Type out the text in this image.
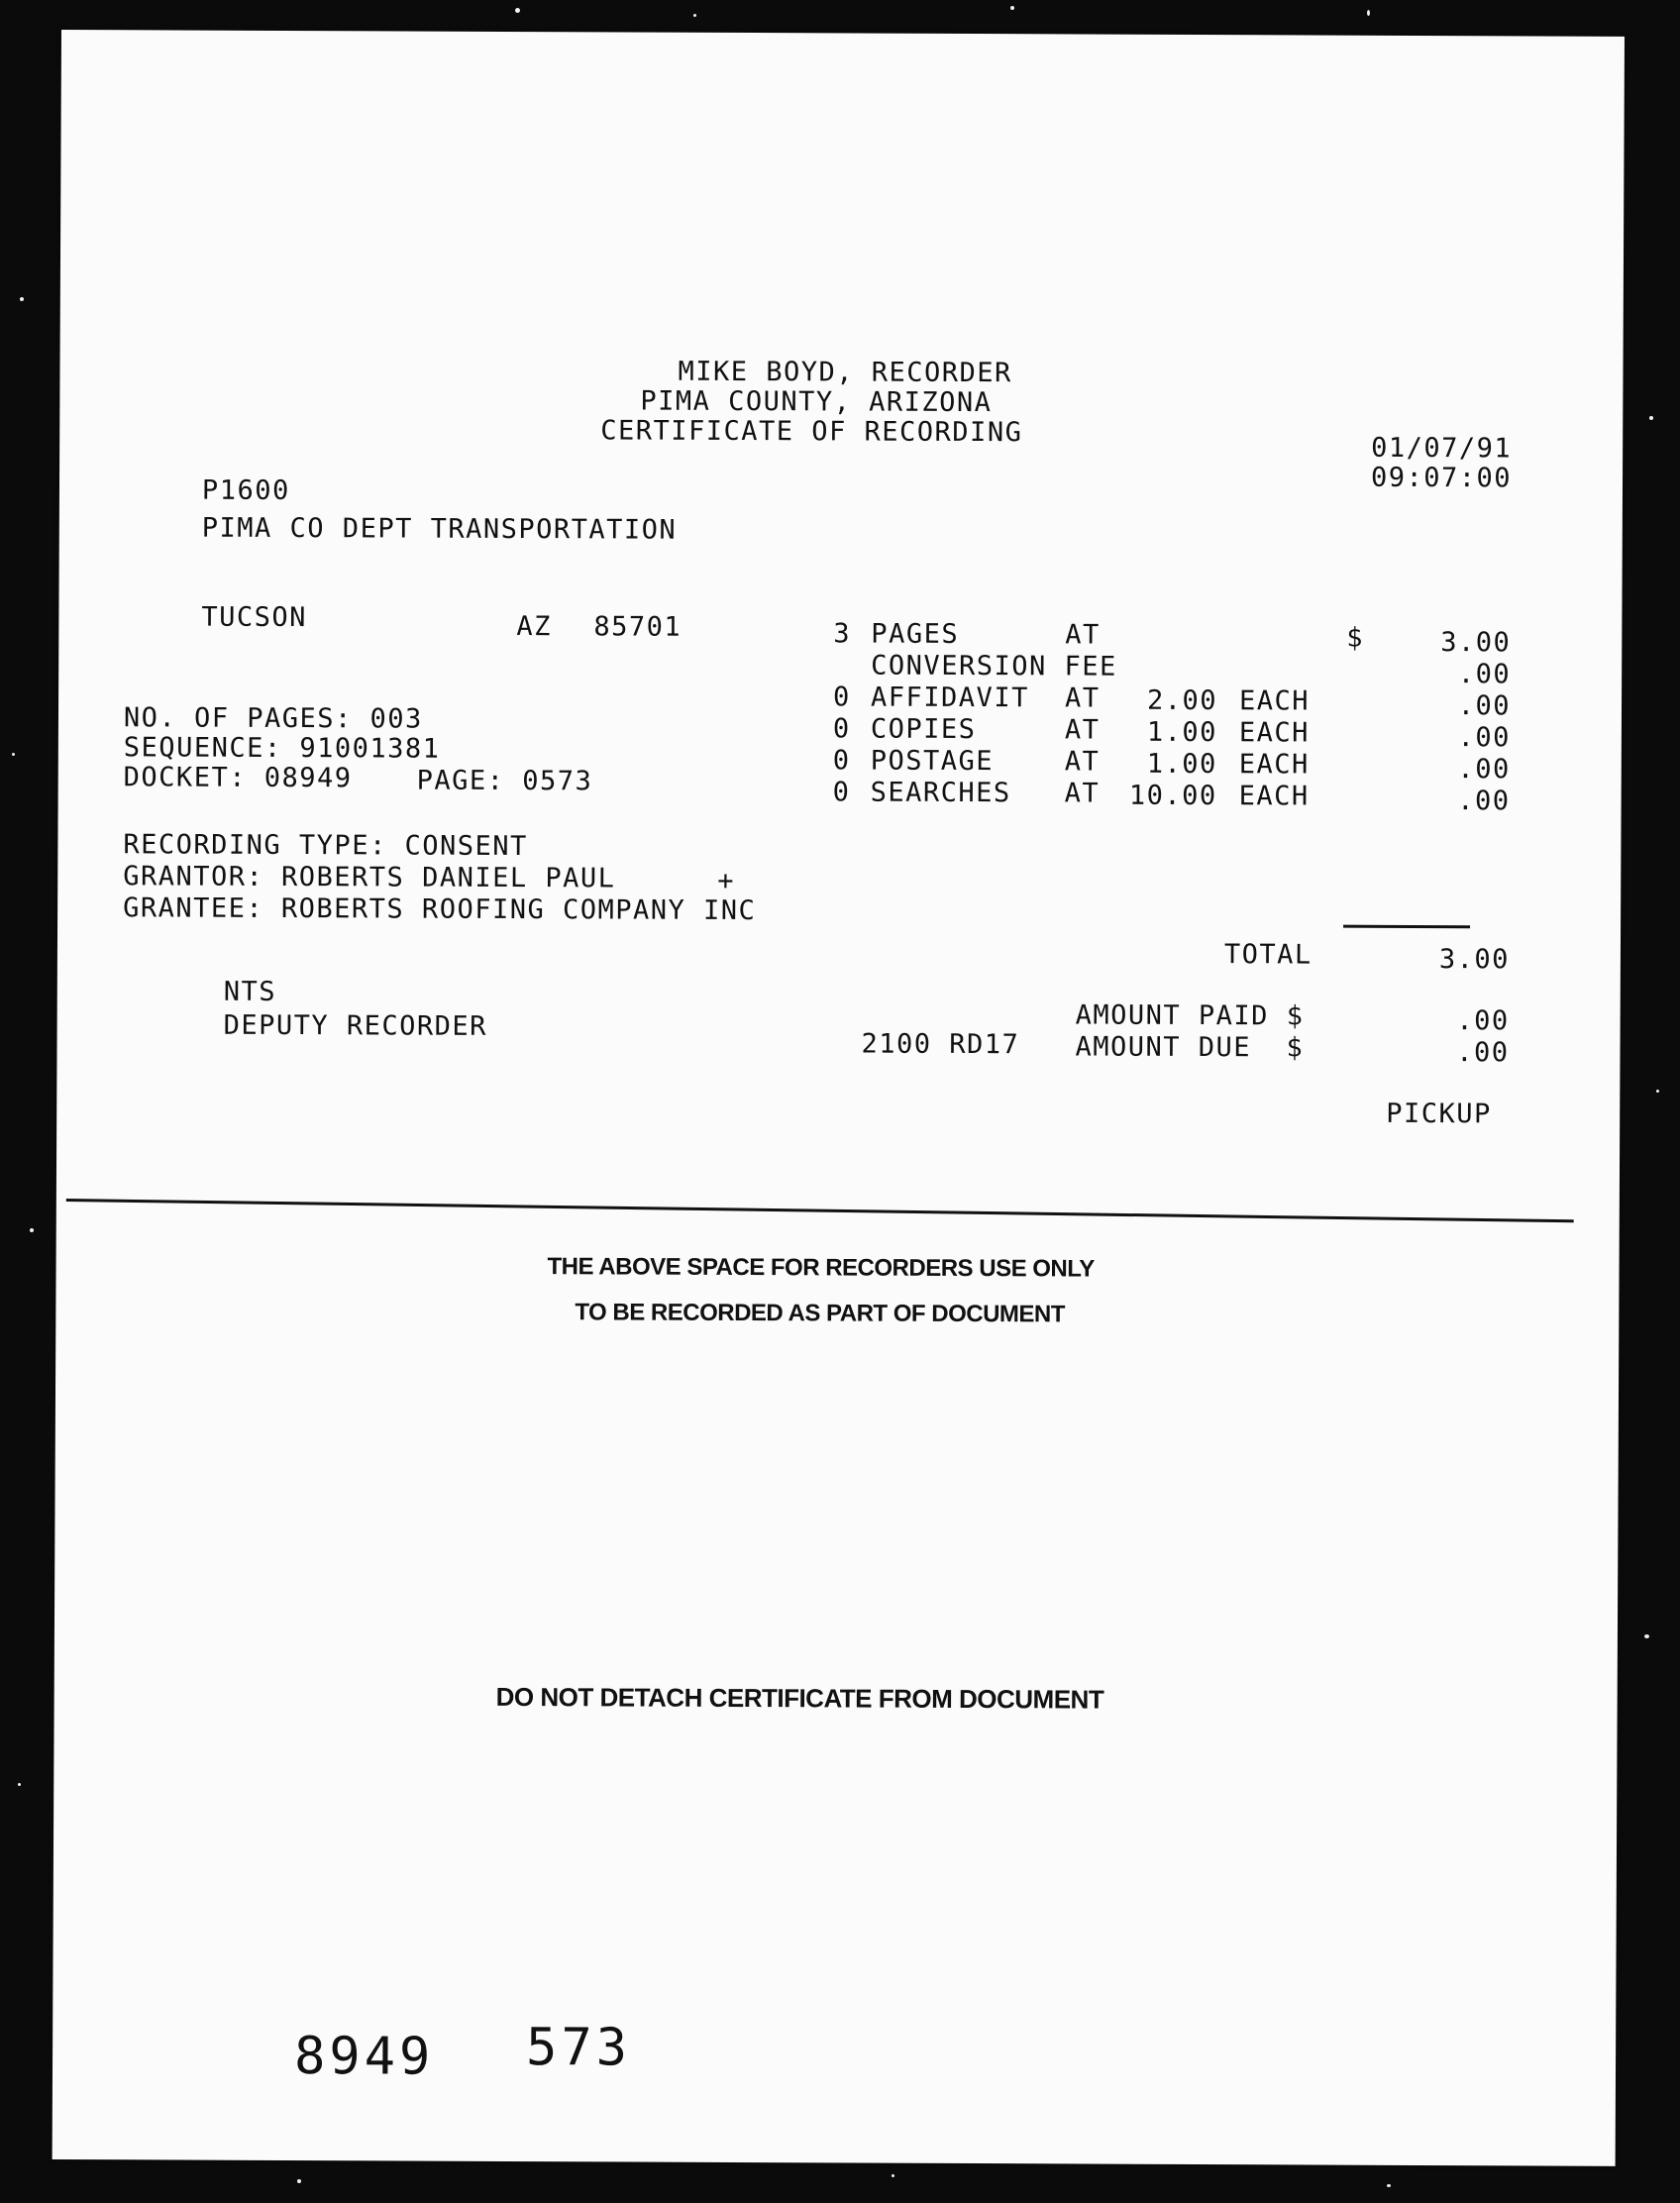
MIKE BOYD, RECORDER
PIMA COUNTY, ARIZONA
CERTIFICATE OF RECORDING
01/07/91
09:07:00
P1600
PIMA CO DEPT TRANSPORTATION
TUCSON	AZ 85701
NO. OF PAGES: 003
SEQUENCE: 91001381
DOCKET: 08949 PAGE: 0573
RECORDING TYPE: CONSENT
GRANTOR: ROBERTS DANIEL PAUL	+
GRANTEE: ROBERTS ROOFING COMPANY INC
3 PAGES	AT	$	3.00
CONVERSION FEE	.00
0 AFFIDAVIT AT 2.00 EACH	.00
0 COPIES	AT 1.00 EACH	.00
0 POSTAGE	AT 1.00 EACH	.00
0 SEARCHES AT 10.00 EACH	.00
TOTAL	3.00
NTS
DEPUTY RECORDER	AMOUNT PAID $	.00
2100 RD17 AMOUNT DUE  $	.00
PICKUP
THE ABOVE SPACE FOR RECORDERS USE ONLY
TO BE RECORDED AS PART OF DOCUMENT
DO NOT DETACH CERTIFICATE FROM DOCUMENT
8949 573
